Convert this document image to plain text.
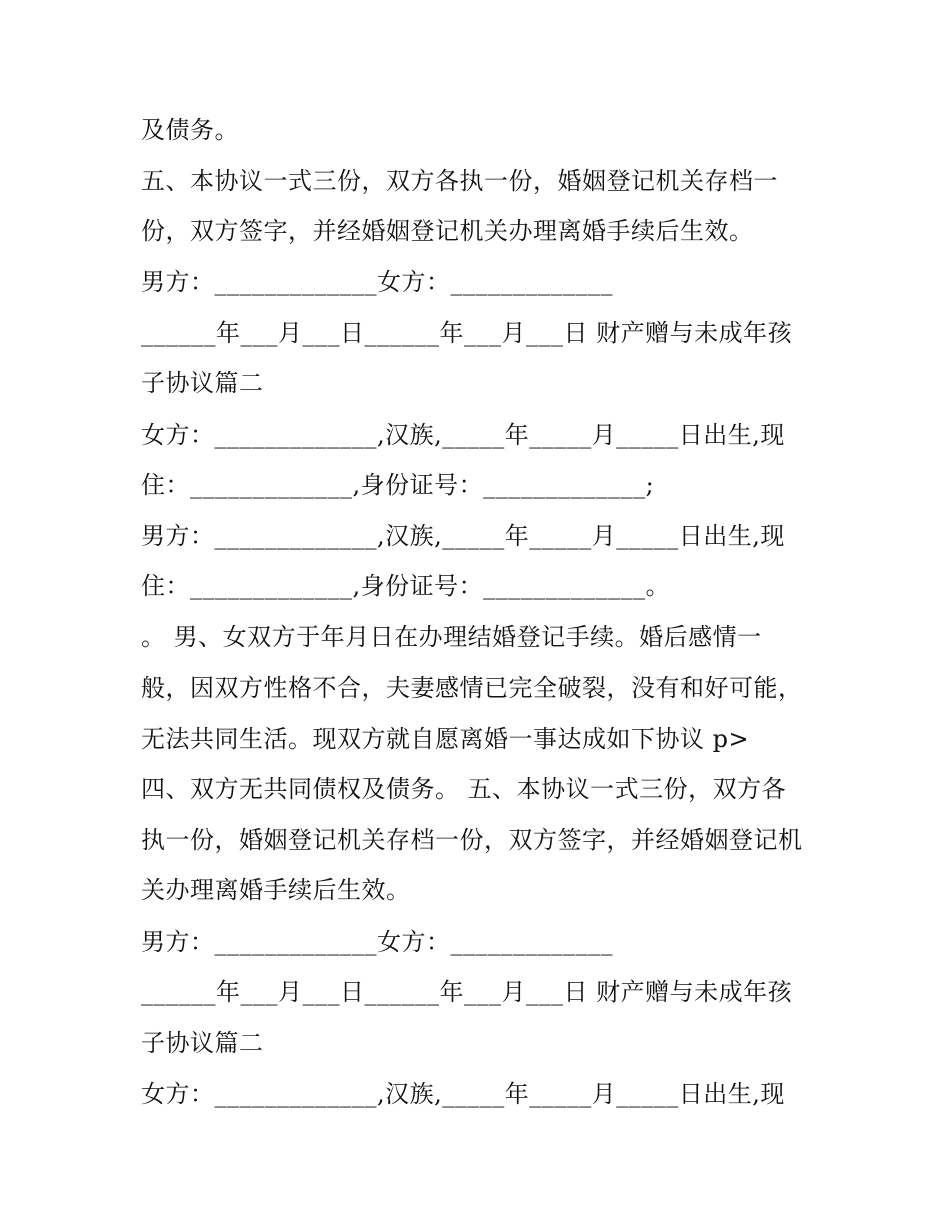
及债务。
五、本协议一式三份，双方各执一份，婚姻登记机关存档一
份，双方签字，并经婚姻登记机关办理离婚手续后生效。
男方：_____________女方：_____________
______年___月___日______年___月___日 财产赠与未成年孩
子协议篇二
女方：_____________,汉族,_____年_____月_____日出生,现
住：_____________,身份证号：_____________;
男方：_____________,汉族,_____年_____月_____日出生,现
住：_____________,身份证号：_____________。
。 男、女双方于年月日在办理结婚登记手续。婚后感情一
般，因双方性格不合，夫妻感情已完全破裂，没有和好可能，
无法共同生活。现双方就自愿离婚一事达成如下协议 p>
四、双方无共同债权及债务。 五、本协议一式三份，双方各
执一份，婚姻登记机关存档一份，双方签字，并经婚姻登记机
关办理离婚手续后生效。
男方：_____________女方：_____________
______年___月___日______年___月___日 财产赠与未成年孩
子协议篇二
女方：_____________,汉族,_____年_____月_____日出生,现
